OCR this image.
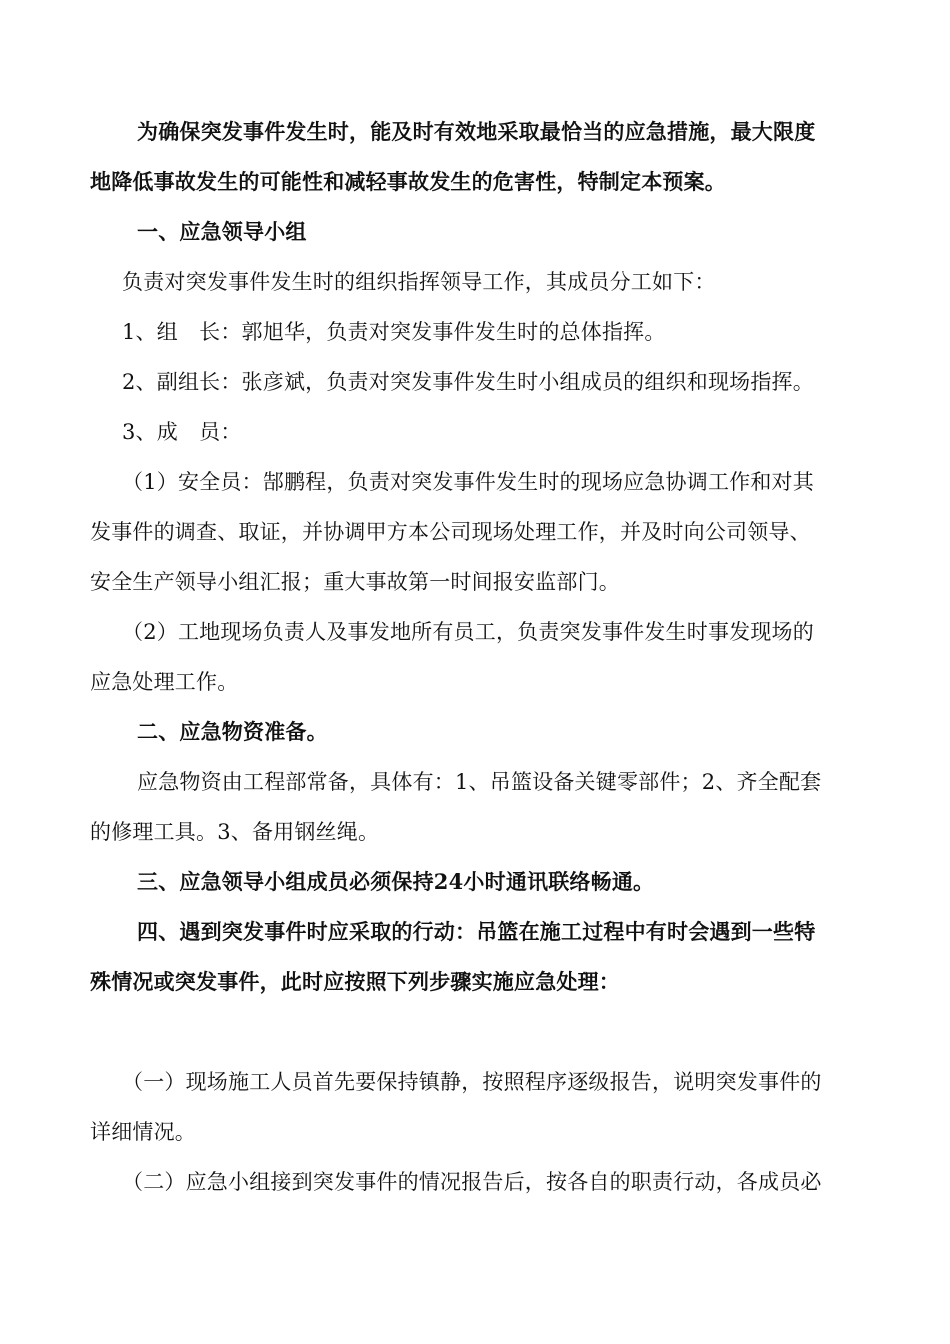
为确保突发事件发生时，能及时有效地采取最恰当的应急措施，最大限度
地降低事故发生的可能性和减轻事故发生的危害性，特制定本预案。
一、应急领导小组
负责对突发事件发生时的组织指挥领导工作，其成员分工如下：
1、组　长：郭旭华，负责对突发事件发生时的总体指挥。
2、副组长：张彦斌，负责对突发事件发生时小组成员的组织和现场指挥。
3、成　员：
（1）安全员：郜鹏程，负责对突发事件发生时的现场应急协调工作和对其
发事件的调查、取证，并协调甲方本公司现场处理工作，并及时向公司领导、
安全生产领导小组汇报；重大事故第一时间报安监部门。
（2）工地现场负责人及事发地所有员工，负责突发事件发生时事发现场的
应急处理工作。
二、应急物资准备。
应急物资由工程部常备，具体有：1、吊篮设备关键零部件；2、齐全配套
的修理工具。3、备用钢丝绳。
三、应急领导小组成员必须保持24小时通讯联络畅通。
四、遇到突发事件时应采取的行动：吊篮在施工过程中有时会遇到一些特
殊情况或突发事件，此时应按照下列步骤实施应急处理：
（一）现场施工人员首先要保持镇静，按照程序逐级报告，说明突发事件的
详细情况。
（二）应急小组接到突发事件的情况报告后，按各自的职责行动，各成员必
